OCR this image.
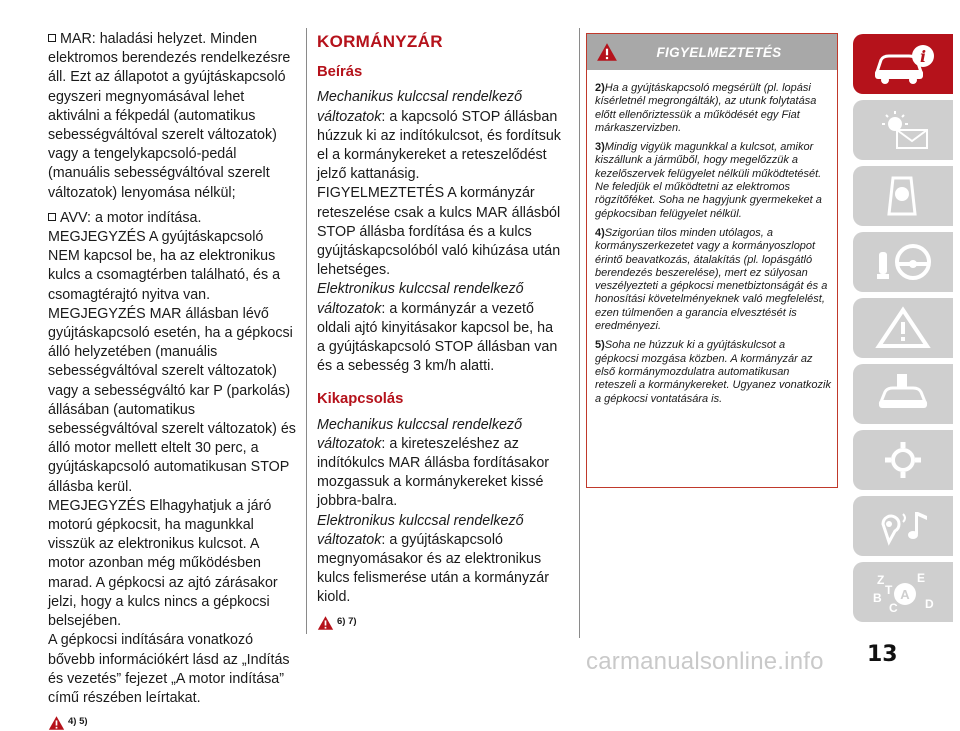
MAR: haladási helyzet. Minden elektromos berendezés rendelkezésre áll. Ezt az állapotot a gyújtáskapcsoló egyszeri megnyomásával lehet aktiválni a fékpedál (automatikus sebességváltóval szerelt változatok) vagy a tengelykapcsoló-pedál (manuális sebességváltóval szerelt változatok) lenyomása nélkül;

AVV: a motor indítása.

MEGJEGYZÉS A gyújtáskapcsoló NEM kapcsol be, ha az elektronikus kulcs a csomagtérben található, és a csomagtérajtó nyitva van.

MEGJEGYZÉS MAR állásban lévő gyújtáskapcsoló esetén, ha a gépkocsi álló helyzetében (manuális sebességváltóval szerelt változatok) vagy a sebességváltó kar P (parkolás) állásában (automatikus sebességváltóval szerelt változatok) és álló motor mellett eltelt 30 perc, a gyújtáskapcsoló automatikusan STOP állásba kerül.

MEGJEGYZÉS Elhagyhatjuk a járó motorú gépkocsit, ha magunkkal visszük az elektronikus kulcsot. A motor azonban még működésben marad. A gépkocsi az ajtó zárásakor jelzi, hogy a kulcs nincs a gépkocsi belsejében.

A gépkocsi indítására vonatkozó bővebb információkért lásd az „Indítás és vezetés” fejezet „A motor indítása” című részében leírtakat.

4) 5)
KORMÁNYZÁR
Beírás

Mechanikus kulccsal rendelkező változatok: a kapcsoló STOP állásban húzzuk ki az indítókulcsot, és fordítsuk el a kormánykereket a reteszelődést jelző kattanásig.

FIGYELMEZTETÉS A kormányzár reteszelése csak a kulcs MAR állásból STOP állásba fordítása és a kulcs gyújtáskapcsolóból való kihúzása után lehetséges.

Elektronikus kulccsal rendelkező változatok: a kormányzár a vezető oldali ajtó kinyitásakor kapcsol be, ha a gyújtáskapcsoló STOP állásban van és a sebesség 3 km/h alatti.

Kikapcsolás

Mechanikus kulccsal rendelkező változatok: a kireteszeléshez az indítókulcs MAR állásba fordításakor mozgassuk a kormánykereket kissé jobbra-balra.

Elektronikus kulccsal rendelkező változatok: a gyújtáskapcsoló megnyomásakor és az elektronikus kulcs felismerése után a kormányzár kiold.

6) 7)
FIGYELMEZTETÉS

2)Ha a gyújtáskapcsoló megsérült (pl. lopási kísérletnél megrongálták), az utunk folytatása előtt ellenőriztessük a működését egy Fiat márkaszervizben.

3)Mindig vigyük magunkkal a kulcsot, amikor kiszállunk a járműből, hogy megelőzzük a kezelőszervek felügyelet nélküli működtetését. Ne feledjük el működtetni az elektromos rögzítőféket. Soha ne hagyjunk gyermekeket a gépkocsiban felügyelet nélkül.

4)Szigorúan tilos minden utólagos, a kormányszerkezetet vagy a kormányoszlopot érintő beavatkozás, átalakítás (pl. lopásgátló berendezés beszerelése), mert ez súlyosan veszélyezteti a gépkocsi menetbiztonságát és a honosítási követelményeknek való megfelelést, ezen túlmenően a garancia elvesztését is eredményezi.

5)Soha ne húzzuk ki a gyújtáskulcsot a gépkocsi mozgása közben. A kormányzár az első kormánymozdulatra automatikusan reteszeli a kormánykereket. Ugyanez vonatkozik a gépkocsi vontatására is.

i
Z	E
B
C D
T A
carmanualsonline.info 13
